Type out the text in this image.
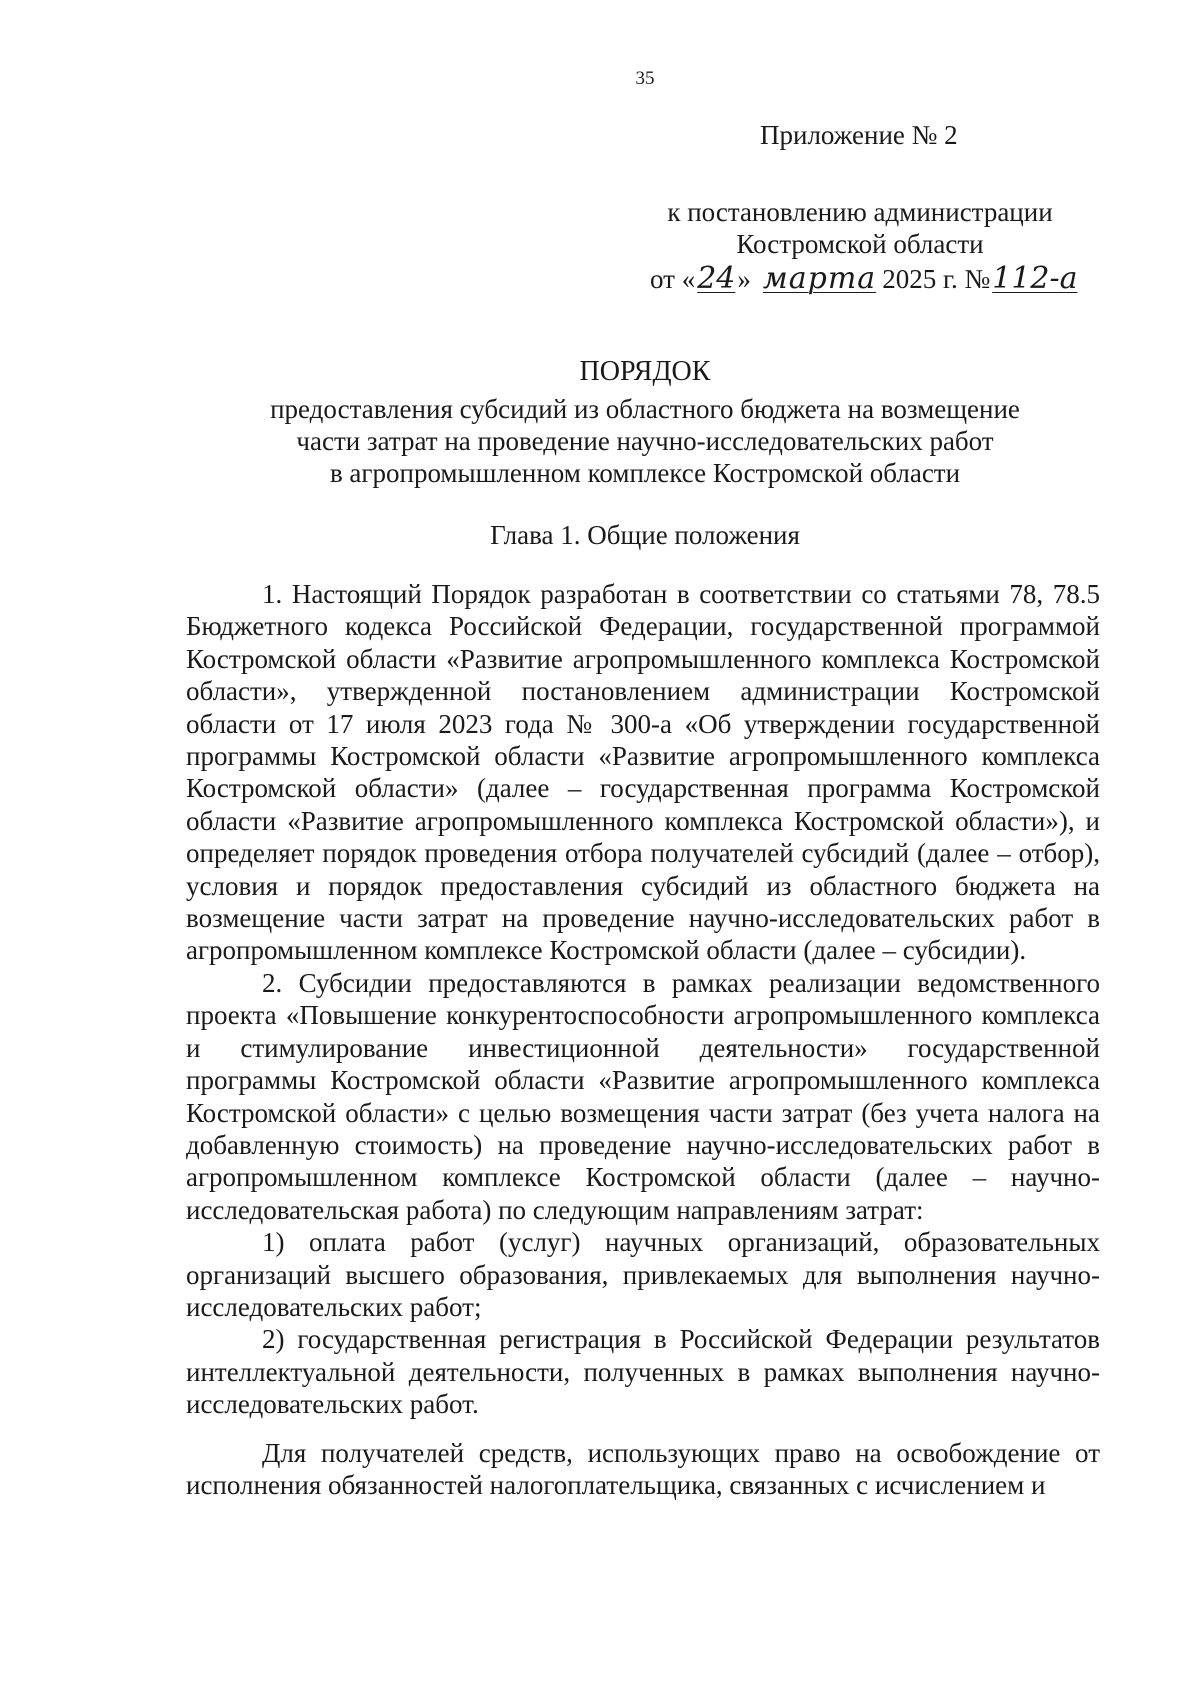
35
Приложение № 2
к постановлению администрации
Костромской области
от «24» марта 2025 г. №112-а
ПОРЯДОК
предоставления субсидий из областного бюджета на возмещение
части затрат на проведение научно-исследовательских работ
в агропромышленном комплексе Костромской области
Глава 1. Общие положения

1. Настоящий Порядок разработан в соответствии со статьями 78, 78.5 Бюджетного кодекса Российской Федерации, государственной программой Костромской области «Развитие агропромышленного комплекса Костромской области», утвержденной постановлением администрации Костромской области от 17 июля 2023 года № 300-а «Об утверждении государственной программы Костромской области «Развитие агропромышленного комплекса Костромской области» (далее – государственная программа Костромской области «Развитие агропромышленного комплекса Костромской области»), и определяет порядок проведения отбора получателей субсидий (далее – отбор), условия и порядок предоставления субсидий из областного бюджета на возмещение части затрат на проведение научно-исследовательских работ в агропромышленном комплексе Костромской области (далее – субсидии).

2. Субсидии предоставляются в рамках реализации ведомственного проекта «Повышение конкурентоспособности агропромышленного комплекса и стимулирование инвестиционной деятельности» государственной программы Костромской области «Развитие агропромышленного комплекса Костромской области» с целью возмещения части затрат (без учета налога на добавленную стоимость) на проведение научно-исследовательских работ в агропромышленном комплексе Костромской области (далее – научно-исследовательская работа) по следующим направлениям затрат:

1) оплата работ (услуг) научных организаций, образовательных организаций высшего образования, привлекаемых для выполнения научно-исследовательских работ;

2) государственная регистрация в Российской Федерации результатов интеллектуальной деятельности, полученных в рамках выполнения научно-исследовательских работ.

Для получателей средств, использующих право на освобождение от исполнения обязанностей налогоплательщика, связанных с исчислением и
